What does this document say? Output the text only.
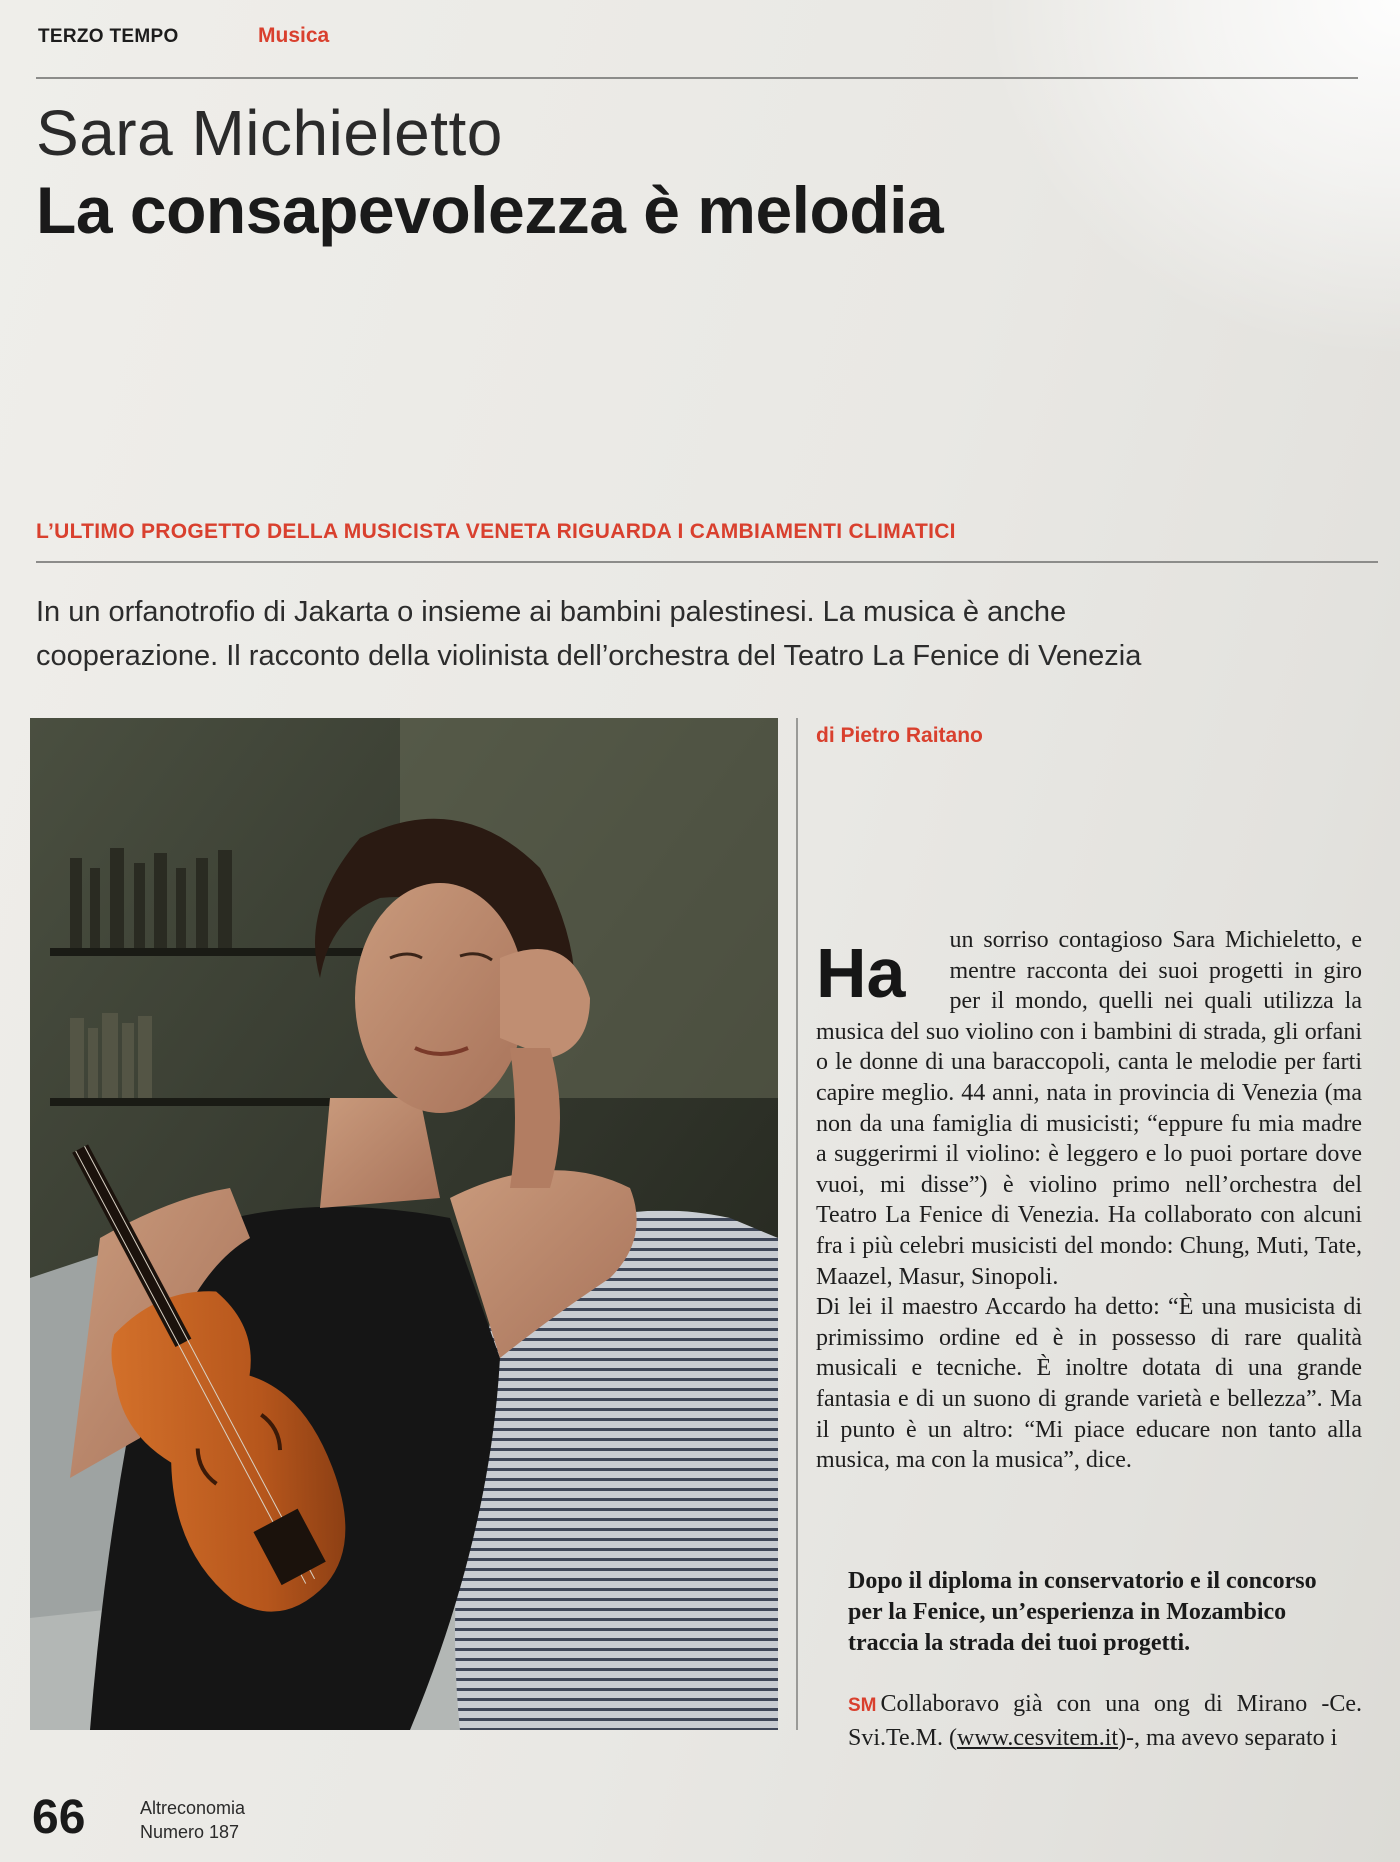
TERZO TEMPO	Musica
Sara Michieletto
La consapevolezza è melodia
L’ULTIMO PROGETTO DELLA MUSICISTA VENETA RIGUARDA I CAMBIAMENTI CLIMATICI
In un orfanotrofio di Jakarta o insieme ai bambini palestinesi. La musica è anche
cooperazione. Il racconto della violinista dell’orchestra del Teatro La Fenice di Venezia
di Pietro Raitano
Ha	un sorriso contagioso Sara Michieletto, e mentre racconta dei suoi progetti in giro per il mondo, quelli nei quali utilizza la musica del suo violino con i bambini di strada, gli orfani o le donne di una baraccopoli, canta le melodie per farti capire meglio. 44 anni, nata in provincia di Venezia (ma non da una famiglia di musicisti; “eppure fu mia madre a suggerirmi il violino: è leggero e lo puoi portare dove vuoi, mi disse”) è violino primo nell’orchestra del Teatro La Fenice di Venezia. Ha collaborato con alcuni fra i più celebri musicisti del mondo: Chung, Muti, Tate, Maazel, Masur, Sinopoli.

Di lei il maestro Accardo ha detto: “È una musicista di primissimo ordine ed è in possesso di rare qualità musicali e tecniche. È inoltre dotata di una grande fantasia e di un suono di grande varietà e bellezza”. Ma il punto è un altro: “Mi piace educare non tanto alla musica, ma con la musica”, dice.

Dopo il diploma in conservatorio e il concorso per la Fenice, un’esperienza in Mozambico traccia la strada dei tuoi progetti.
SM Collaboravo già con una ong di Mirano -Ce. Svi.Te.M. (www.cesvitem.it)-, ma avevo separato i
66	Altreconomia
Numero 187
